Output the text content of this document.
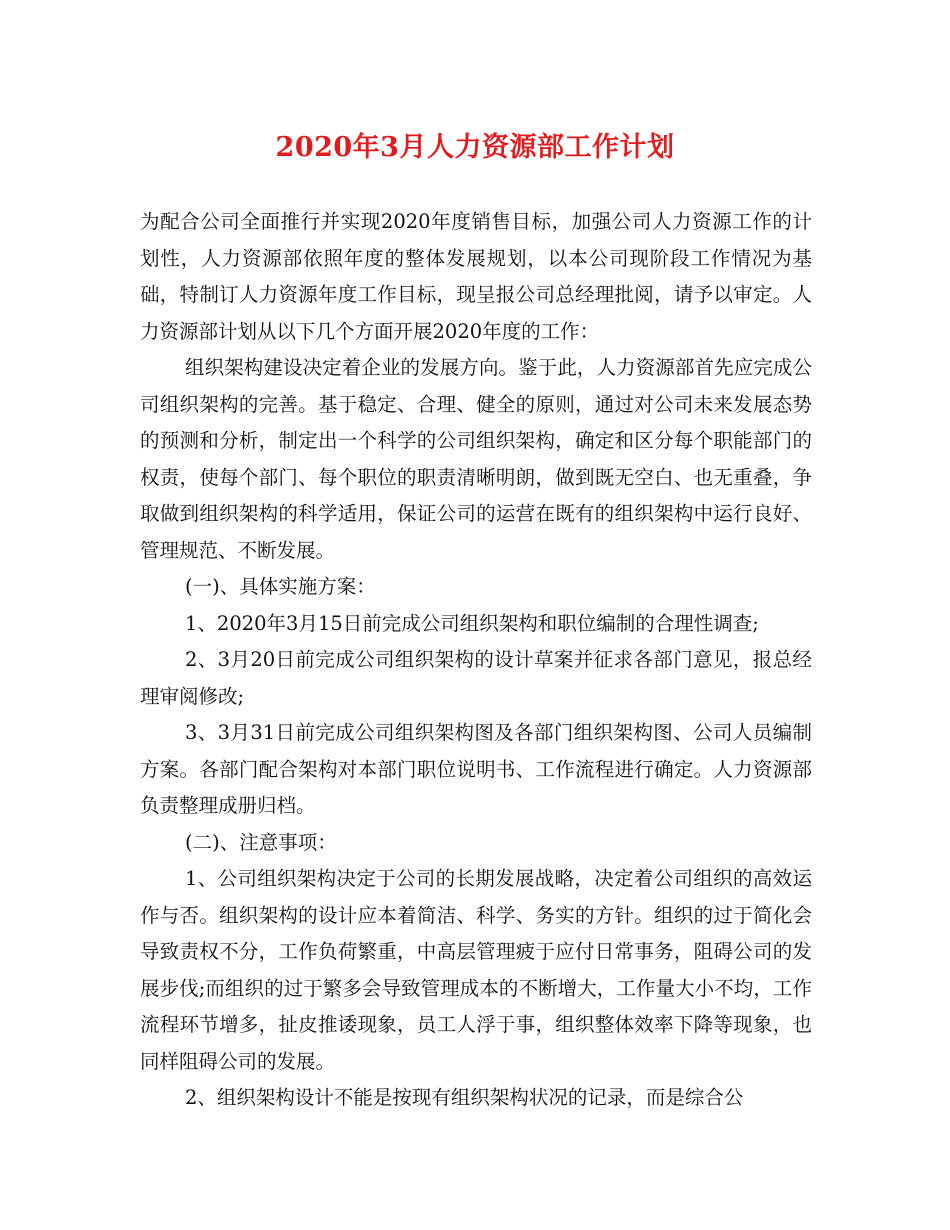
2020年3月人力资源部工作计划

为配合公司全面推行并实现2020年度销售目标，加强公司人力资源工作的计划性，人力资源部依照年度的整体发展规划，以本公司现阶段工作情况为基础，特制订人力资源年度工作目标，现呈报公司总经理批阅，请予以审定。人力资源部计划从以下几个方面开展2020年度的工作：

组织架构建设决定着企业的发展方向。鉴于此，人力资源部首先应完成公司组织架构的完善。基于稳定、合理、健全的原则，通过对公司未来发展态势的预测和分析，制定出一个科学的公司组织架构，确定和区分每个职能部门的权责，使每个部门、每个职位的职责清晰明朗，做到既无空白、也无重叠，争取做到组织架构的科学适用，保证公司的运营在既有的组织架构中运行良好、管理规范、不断发展。

(一)、具体实施方案：

1、2020年3月15日前完成公司组织架构和职位编制的合理性调查;

2、3月20日前完成公司组织架构的设计草案并征求各部门意见，报总经理审阅修改;

3、3月31日前完成公司组织架构图及各部门组织架构图、公司人员编制方案。各部门配合架构对本部门职位说明书、工作流程进行确定。人力资源部负责整理成册归档。

(二)、注意事项：

1、公司组织架构决定于公司的长期发展战略，决定着公司组织的高效运作与否。组织架构的设计应本着简洁、科学、务实的方针。组织的过于简化会导致责权不分，工作负荷繁重，中高层管理疲于应付日常事务，阻碍公司的发展步伐;而组织的过于繁多会导致管理成本的不断增大，工作量大小不均，工作流程环节增多，扯皮推诿现象，员工人浮于事，组织整体效率下降等现象，也同样阻碍公司的发展。

2、组织架构设计不能是按现有组织架构状况的记录，而是综合公
